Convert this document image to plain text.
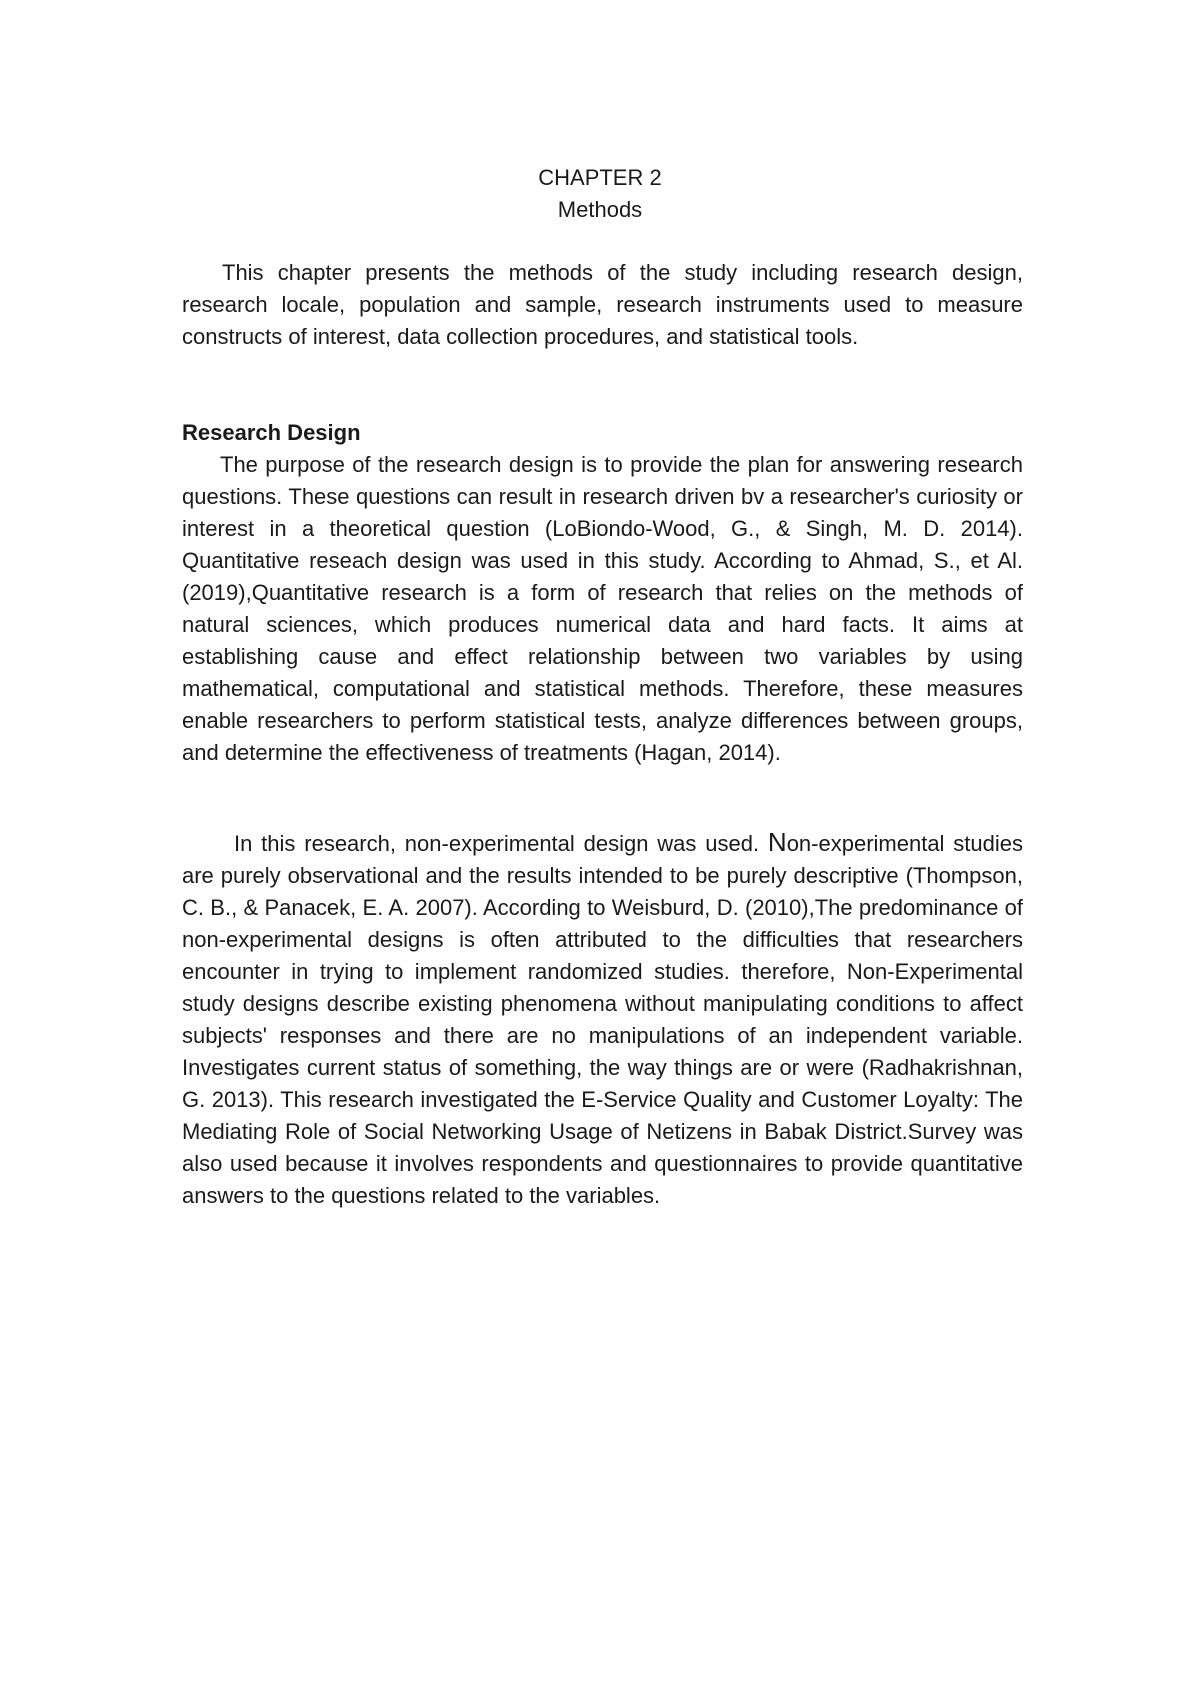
CHAPTER 2
Methods

This chapter presents the methods of the study including research design, research locale, population and sample, research instruments used to measure constructs of interest, data collection procedures, and statistical tools.

Research Design

The purpose of the research design is to provide the plan for answering research questions. These questions can result in research driven bv a researcher's curiosity or interest in a theoretical question (LoBiondo-Wood, G., & Singh, M. D. 2014). Quantitative reseach design was used in this study. According to Ahmad, S., et Al. (2019),Quantitative research is a form of research that relies on the methods of natural sciences, which produces numerical data and hard facts. It aims at establishing cause and effect relationship between two variables by using mathematical, computational and statistical methods. Therefore, these measures enable researchers to perform statistical tests, analyze differences between groups, and determine the effectiveness of treatments (Hagan, 2014).

In this research, non-experimental design was used. Non-experimental studies are purely observational and the results intended to be purely descriptive (Thompson, C. B., & Panacek, E. A. 2007). According to Weisburd, D. (2010),The predominance of non-experimental designs is often attributed to the difficulties that researchers encounter in trying to implement randomized studies. therefore, Non-Experimental study designs describe existing phenomena without manipulating conditions to affect subjects' responses and there are no manipulations of an independent variable. Investigates current status of something, the way things are or were (Radhakrishnan, G. 2013). This research investigated the E-Service Quality and Customer Loyalty: The Mediating Role of Social Networking Usage of Netizens in Babak District.Survey was also used because it involves respondents and questionnaires to provide quantitative answers to the questions related to the variables.
